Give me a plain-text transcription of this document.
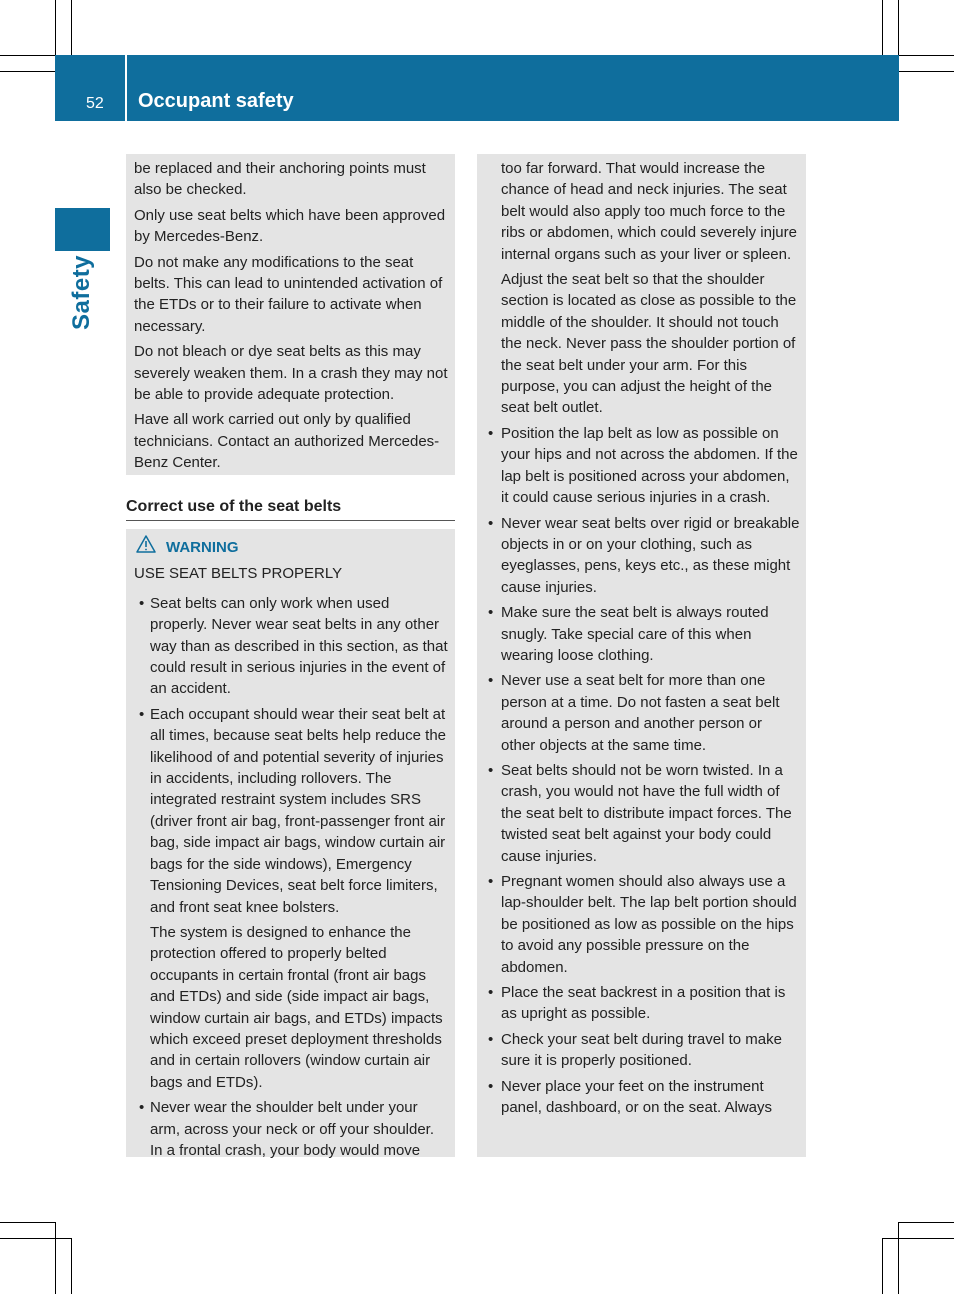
52 Occupant safety
Safety

be replaced and their anchoring points must also be checked.

Only use seat belts which have been approved by Mercedes-Benz.

Do not make any modifications to the seat belts. This can lead to unintended activation of the ETDs or to their failure to activate when necessary.

Do not bleach or dye seat belts as this may severely weaken them. In a crash they may not be able to provide adequate protection.

Have all work carried out only by qualified technicians. Contact an authorized Mercedes-Benz Center.

Correct use of the seat belts
WARNING

USE SEAT BELTS PROPERLY

• Seat belts can only work when used properly. Never wear seat belts in any other way than as described in this section, as that could result in serious injuries in the event of an accident.
• Each occupant should wear their seat belt at all times, because seat belts help reduce the likelihood of and potential severity of injuries in accidents, including rollovers. The integrated restraint system includes SRS (driver front air bag, front-passenger front air bag, side impact air bags, window curtain air bags for the side windows), Emergency Tensioning Devices, seat belt force limiters, and front seat knee bolsters.

The system is designed to enhance the protection offered to properly belted occupants in certain frontal (front air bags and ETDs) and side (side impact air bags, window curtain air bags, and ETDs) impacts which exceed preset deployment thresholds and in certain rollovers (window curtain air bags and ETDs).

• Never wear the shoulder belt under your arm, across your neck or off your shoulder. In a frontal crash, your body would move

too far forward. That would increase the chance of head and neck injuries. The seat belt would also apply too much force to the ribs or abdomen, which could severely injure internal organs such as your liver or spleen.

Adjust the seat belt so that the shoulder section is located as close as possible to the middle of the shoulder. It should not touch the neck. Never pass the shoulder portion of the seat belt under your arm. For this purpose, you can adjust the height of the seat belt outlet.

• Position the lap belt as low as possible on your hips and not across the abdomen. If the lap belt is positioned across your abdomen, it could cause serious injuries in a crash.
• Never wear seat belts over rigid or breakable objects in or on your clothing, such as eyeglasses, pens, keys etc., as these might cause injuries.
• Make sure the seat belt is always routed snugly. Take special care of this when wearing loose clothing.
• Never use a seat belt for more than one person at a time. Do not fasten a seat belt around a person and another person or other objects at the same time.
• Seat belts should not be worn twisted. In a crash, you would not have the full width of the seat belt to distribute impact forces. The twisted seat belt against your body could cause injuries.
• Pregnant women should also always use a lap-shoulder belt. The lap belt portion should be positioned as low as possible on the hips to avoid any possible pressure on the abdomen.
• Place the seat backrest in a position that is as upright as possible.
• Check your seat belt during travel to make sure it is properly positioned.
• Never place your feet on the instrument panel, dashboard, or on the seat. Always
